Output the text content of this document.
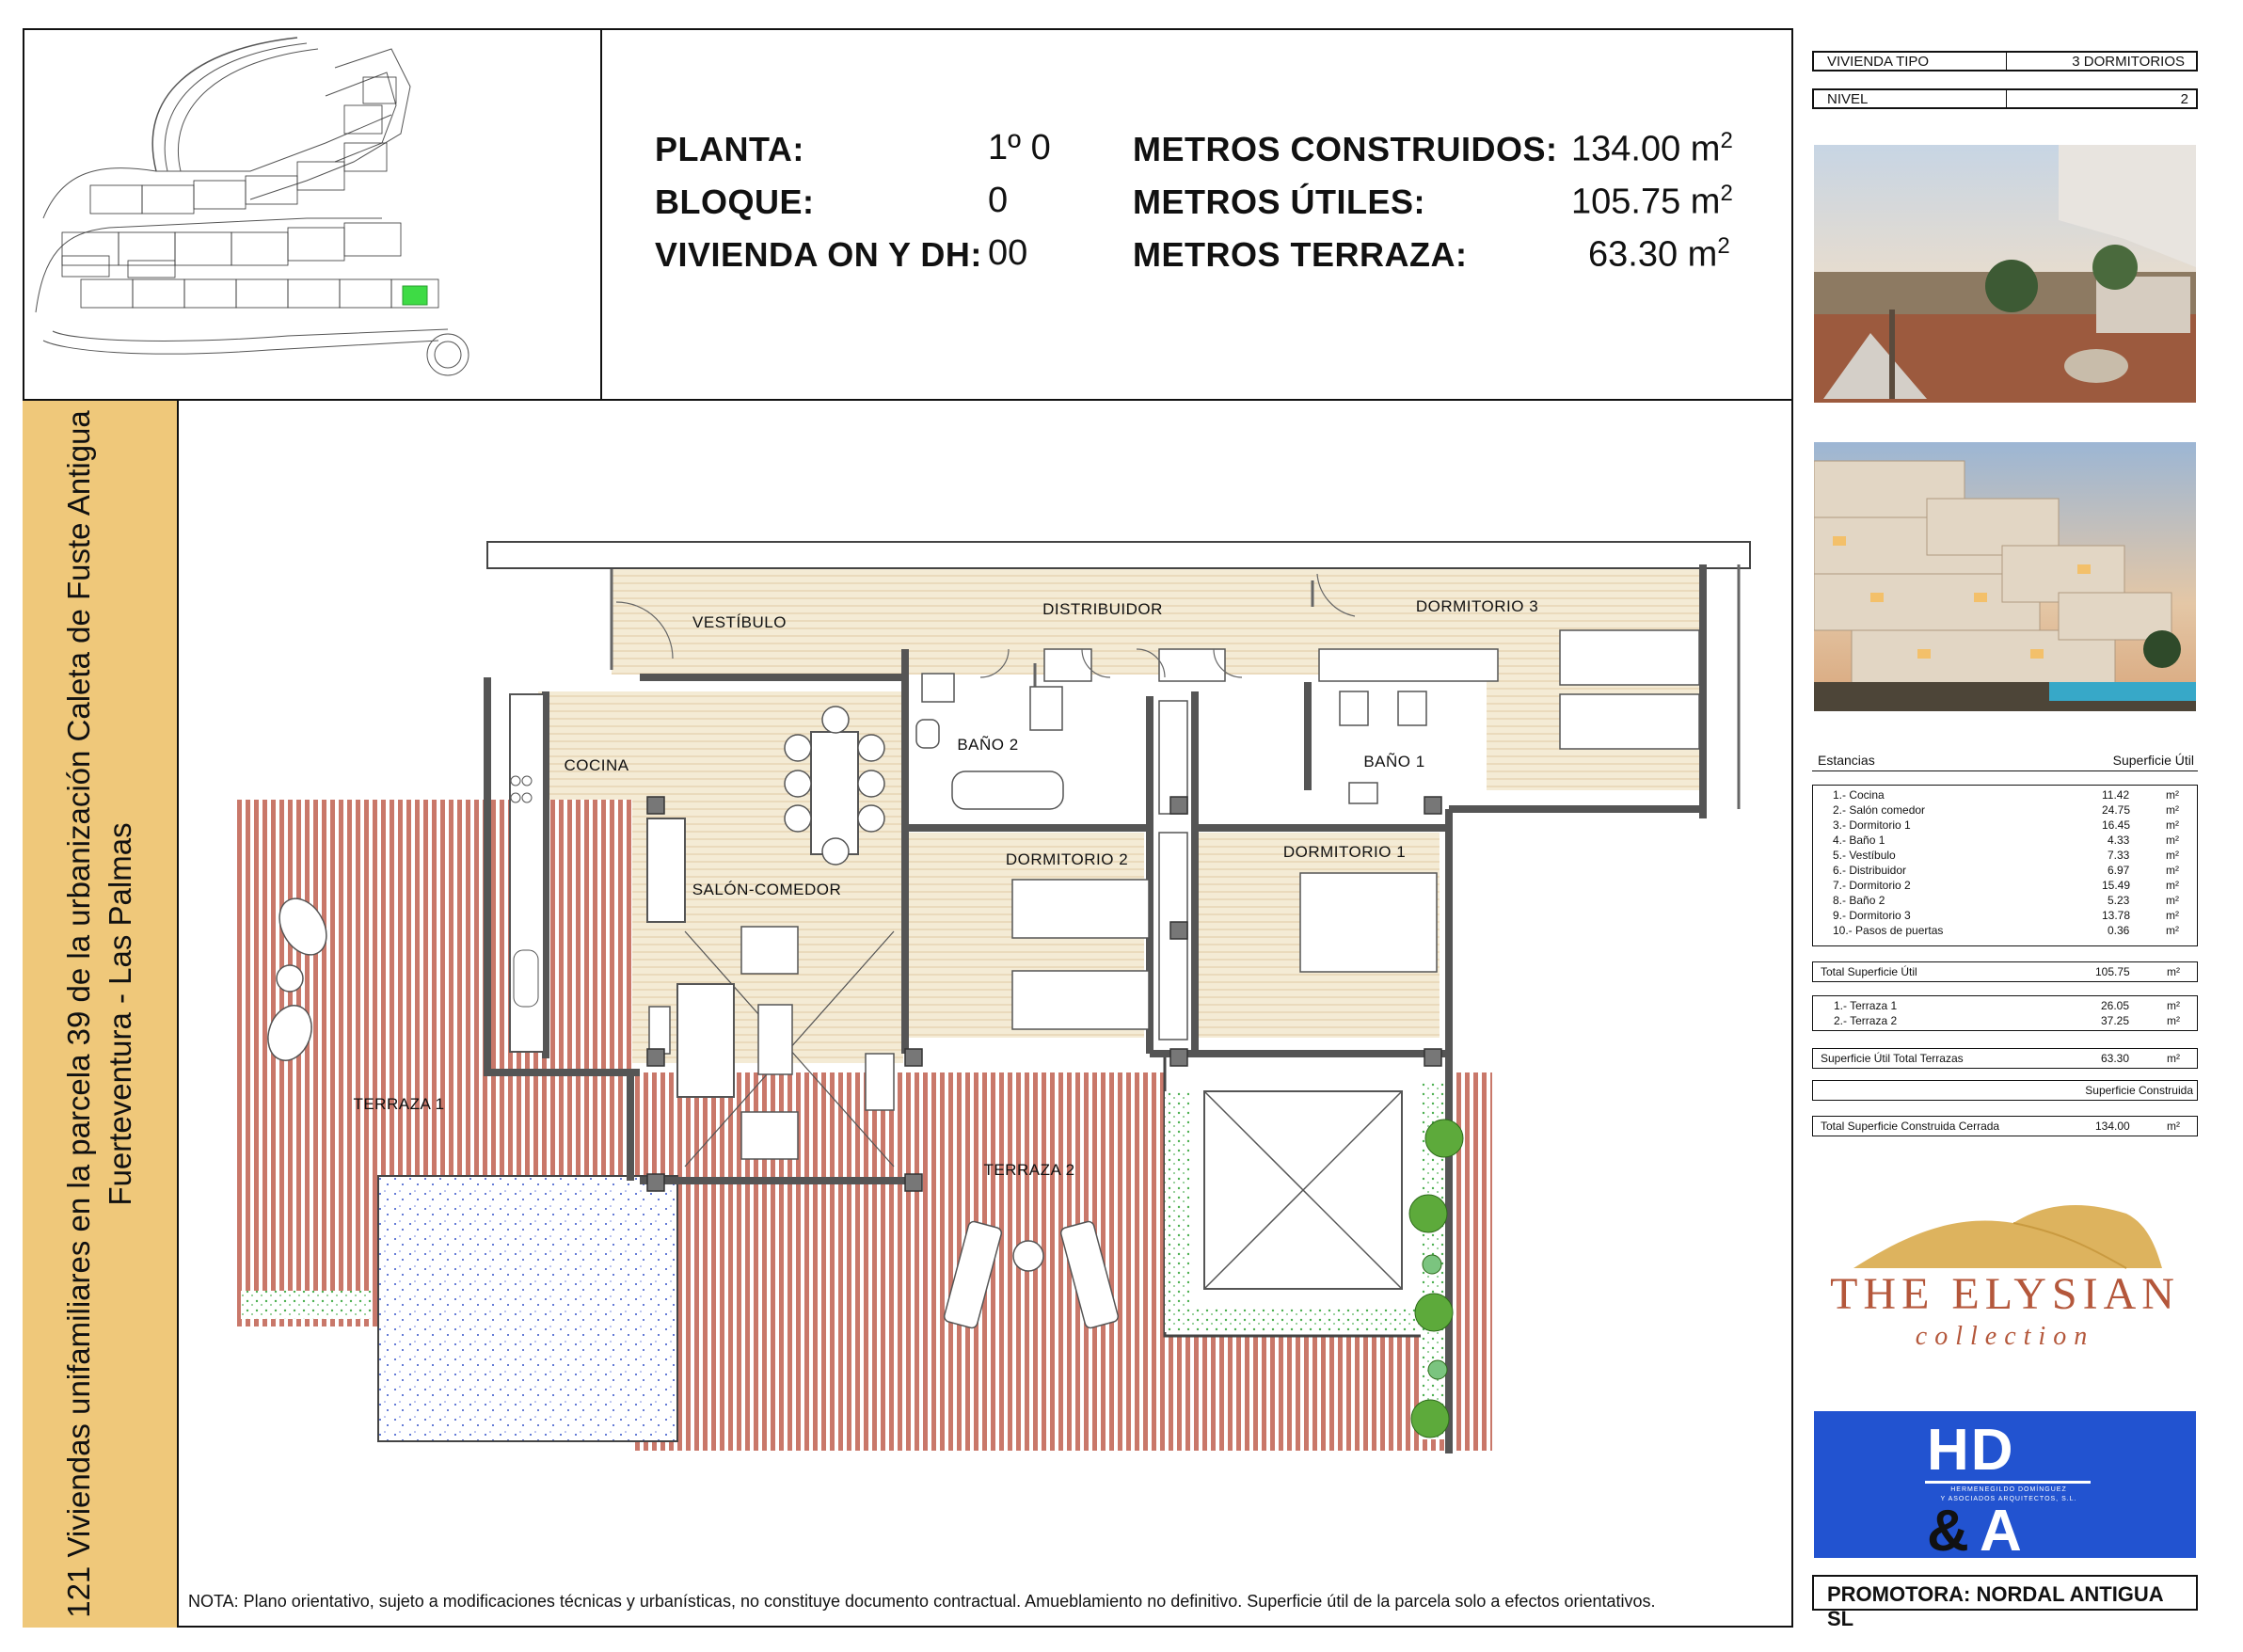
PLANTA:	1º 0
BLOQUE:	0
VIVIENDA ON Y DH: 00
METROS CONSTRUIDOS: 134.00 $m^2$
METROS ÚTILES:	105.75 $m^2$
METROS TERRAZA:	63.30 $m^2$
121 Viviendas unifamiliares en la parcela 39 de la urbanización Caleta de Fuste Antigua Fuerteventura - Las Palmas
VESTÍBULO
DISTRIBUIDOR	DORMITORIO 3
COCINA
BAÑO 2
BAÑO 1
SALÓN-COMEDOR
DORMITORIO 2	DORMITORIO 1
TERRAZA 1
TERRAZA 2
VIVIENDA TIPO	3 DORMITORIOS
NIVEL	2
Estancias	Superficie Útil
1.- Cocina	11.42	m²
2.- Salón comedor	24.75	m²
3.- Dormitorio 1	16.45	m²
4.- Baño 1	4.33	m²
5.- Vestíbulo	7.33	m²
6.- Distribuidor	6.97	m²
7.- Dormitorio 2	15.49	m²
8.- Baño 2	5.23	m²
9.- Dormitorio 3	13.78	m²
10.- Pasos de puertas	0.36	m²
Total Superficie Útil	105.75	m²
1.- Terraza 1	26.05	m²
2.- Terraza 2	37.25	m²
Superficie Útil Total Terrazas	63.30	m²
Superficie Construida
Total Superficie Construida Cerrada	134.00	m²
THE ELYSIAN
collection
HD
HERMENEGILDO DOMÍNGUEZ
Y ASOCIADOS ARQUITECTOS, S.L.
& A
PROMOTORA: NORDAL ANTIGUA SL
NOTA: Plano orientativo, sujeto a modificaciones técnicas y urbanísticas, no constituye documento contractual. Amueblamiento no definitivo. Superficie útil de la parcela solo a efectos orientativos.
